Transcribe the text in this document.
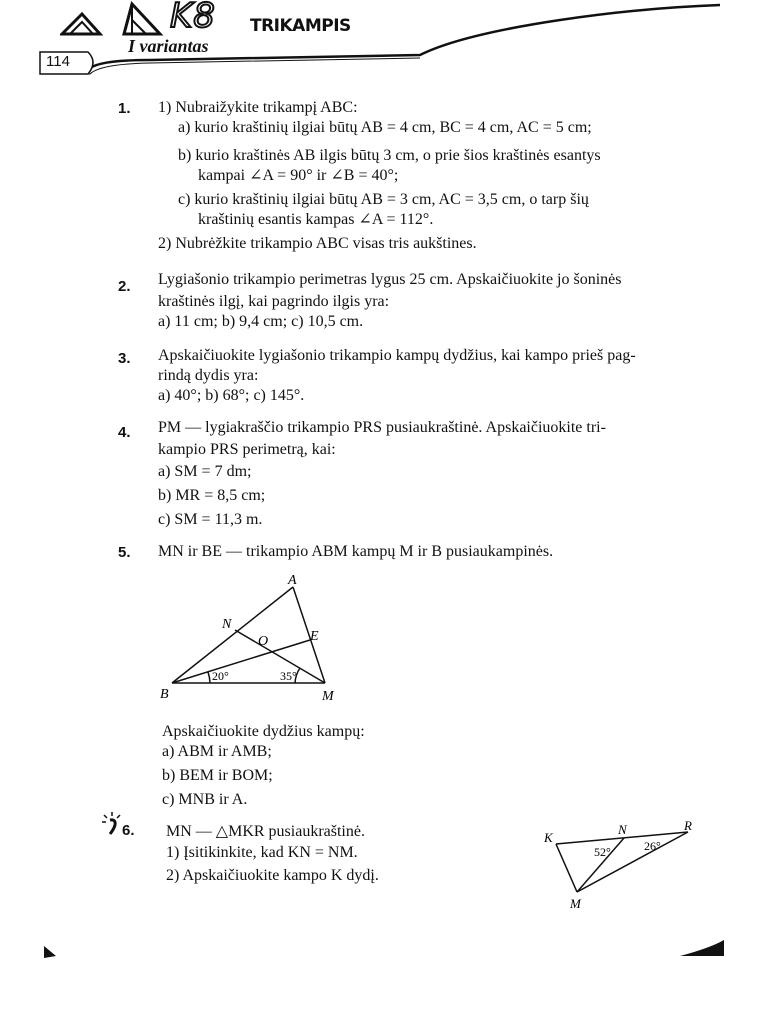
K8 TRIKAMPIS
I variantas
114
1. 1) Nubraižykite trikampį ABC:
a) kurio kraštinių ilgiai būtų AB = 4 cm, BC = 4 cm, AC = 5 cm;
b) kurio kraštinės AB ilgis būtų 3 cm, o prie šios kraštinės esantys
kampai ∠A = 90° ir ∠B = 40°;
c) kurio kraštinių ilgiai būtų AB = 3 cm, AC = 3,5 cm, o tarp šių
kraštinių esantis kampas ∠A = 112°.
2) Nubrėžkite trikampio ABC visas tris aukštines.
2. Lygiašonio trikampio perimetras lygus 25 cm. Apskaičiuokite jo šoninės
kraštinės ilgį, kai pagrindo ilgis yra:
a) 11 cm; b) 9,4 cm; c) 10,5 cm.
3. Apskaičiuokite lygiašonio trikampio kampų dydžius, kai kampo prieš pag-
rindą dydis yra:
a) 40°; b) 68°; c) 145°.
4. PM — lygiakraščio trikampio PRS pusiaukraštinė. Apskaičiuokite tri-
kampio PRS perimetrą, kai:
a) SM = 7 dm;
b) MR = 8,5 cm;
c) SM = 11,3 m.
5. MN ir BE — trikampio ABM kampų M ir B pusiaukampinės.
A
N
O	E
B	M
20°	35°
Apskaičiuokite dydžius kampų:
a) ABM ir AMB;
b) BEM ir BOM;
c) MNB ir A.
6. MN — △MKR pusiaukraštinė.
1) Įsitikinkite, kad KN = NM.
2) Apskaičiuokite kampo K dydį.
K
N	R
M
52°	26°
